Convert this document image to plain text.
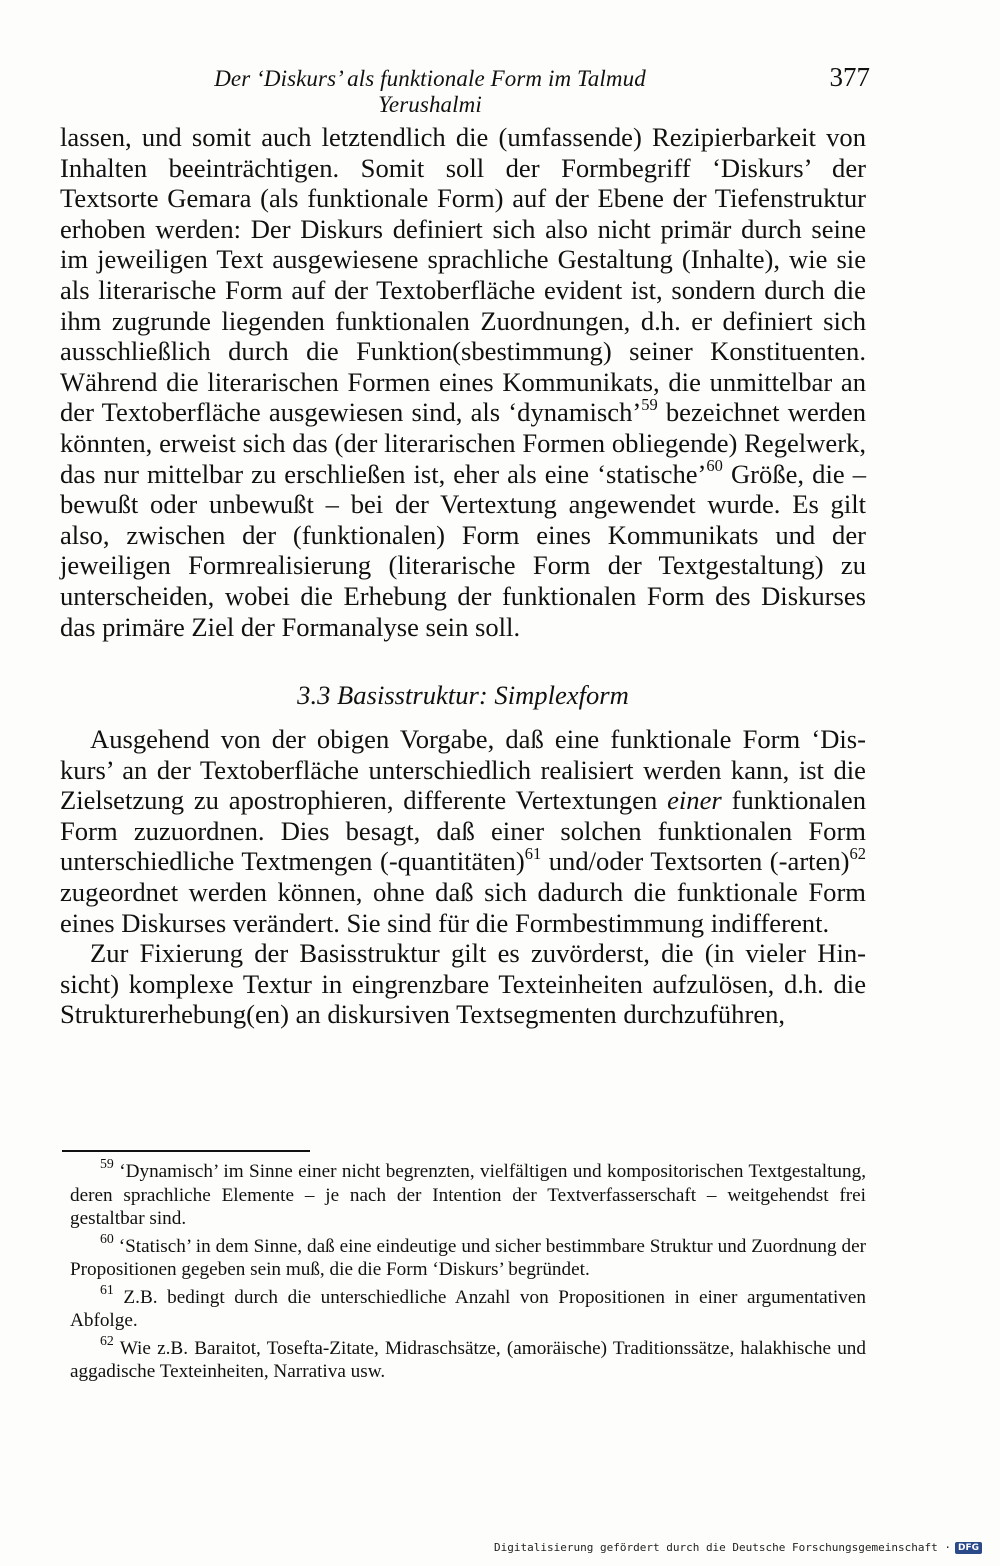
Der ‘Diskurs’ als funktionale Form im Talmud Yerushalmi
377

lassen, und somit auch letztendlich die (umfassende) Rezipierbarkeit von Inhalten beeinträchtigen. Somit soll der Formbegriff ‘Diskurs’ der Textsorte Gemara (als funktionale Form) auf der Ebene der Tiefenstruktur erhoben werden: Der Diskurs definiert sich also nicht primär durch seine im jeweiligen Text ausgewiesene sprachliche Gestaltung (Inhalte), wie sie als literarische Form auf der Textoberfläche evident ist, sondern durch die ihm zugrunde liegenden funktionalen Zuordnungen, d.h. er definiert sich ausschließlich durch die Funktion(sbestimmung) seiner Konstituenten. Während die literarischen Formen eines Kommunikats, die unmittelbar an der Textoberfläche ausgewiesen sind, als ‘dynamisch’$^{59}$ bezeichnet werden könnten, erweist sich das (der literarischen Formen obliegende) Regelwerk, das nur mittelbar zu erschließen ist, eher als eine ‘statische’$^{60}$ Größe, die – bewußt oder unbewußt – bei der Vertextung angewendet wurde. Es gilt also, zwischen der (funktionalen) Form eines Kommunikats und der jeweiligen Formrealisierung (literarische Form der Textgestaltung) zu unterscheiden, wobei die Erhebung der funktionalen Form des Diskurses das primäre Ziel der Formanalyse sein soll.

3.3 Basisstruktur: Simplexform

Ausgehend von der obigen Vorgabe, daß eine funktionale Form ‘Diskurs’ an der Textoberfläche unterschiedlich realisiert werden kann, ist die Zielsetzung zu apostrophieren, differente Vertextungen einer funktionalen Form zuzuordnen. Dies besagt, daß einer solchen funktionalen Form unterschiedliche Textmengen (-quantitäten)$^{61}$ und/oder Textsorten (-arten)$^{62}$ zugeordnet werden können, ohne daß sich dadurch die funktionale Form eines Diskurses verändert. Sie sind für die Formbestimmung indifferent.

Zur Fixierung der Basisstruktur gilt es zuvörderst, die (in vieler Hinsicht) komplexe Textur in eingrenzbare Texteinheiten aufzulösen, d.h. die Strukturerhebung(en) an diskursiven Textsegmenten durchzuführen,

$^{59}$ ‘Dynamisch’ im Sinne einer nicht begrenzten, vielfältigen und kompositorischen Textgestaltung, deren sprachliche Elemente – je nach der Intention der Textverfasserschaft – weitgehendst frei gestaltbar sind.

$^{60}$ ‘Statisch’ in dem Sinne, daß eine eindeutige und sicher bestimmbare Struktur und Zuordnung der Propositionen gegeben sein muß, die die Form ‘Diskurs’ begründet.

$^{61}$ Z.B. bedingt durch die unterschiedliche Anzahl von Propositionen in einer argumentativen Abfolge.

$^{62}$ Wie z.B. Baraitot, Tosefta-Zitate, Midraschsätze, (amoräische) Traditionssätze, halakhische und aggadische Texteinheiten, Narrativa usw.

Digitalisierung gefördert durch die Deutsche Forschungsgemeinschaft · DFG
